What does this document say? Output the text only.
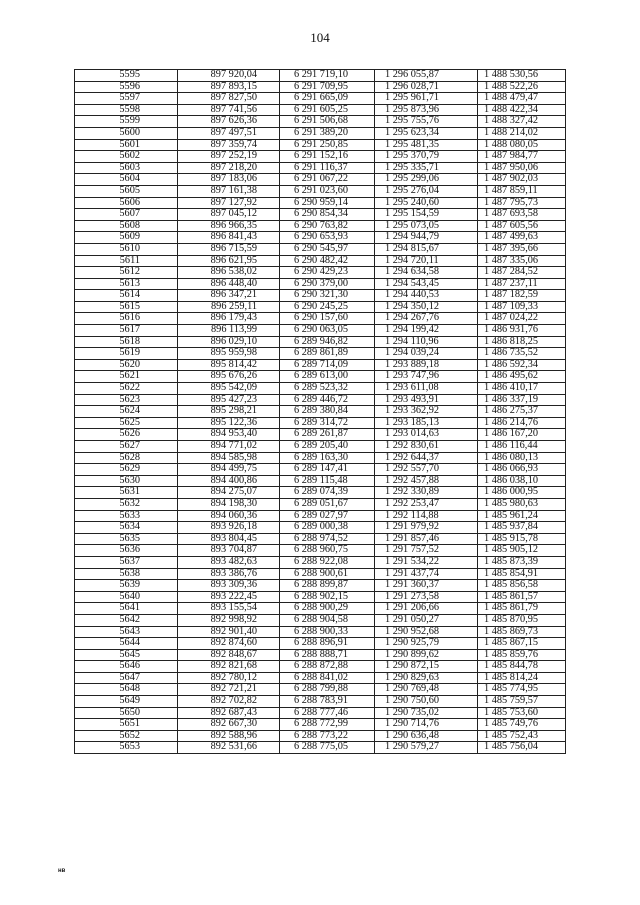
104
5595	897 920,04	6 291 719,10	1 296 055,87	1 488 530,56
5596	897 893,15	6 291 709,95	1 296 028,71	1 488 522,26
5597	897 827,50	6 291 665,09	1 295 961,71	1 488 479,47
5598	897 741,56	6 291 605,25	1 295 873,96	1 488 422,34
5599	897 626,36	6 291 506,68	1 295 755,76	1 488 327,42
5600	897 497,51	6 291 389,20	1 295 623,34	1 488 214,02
5601	897 359,74	6 291 250,85	1 295 481,35	1 488 080,05
5602	897 252,19	6 291 152,16	1 295 370,79	1 487 984,77
5603	897 218,20	6 291 116,37	1 295 335,71	1 487 950,06
5604	897 183,06	6 291 067,22	1 295 299,06	1 487 902,03
5605	897 161,38	6 291 023,60	1 295 276,04	1 487 859,11
5606	897 127,92	6 290 959,14	1 295 240,60	1 487 795,73
5607	897 045,12	6 290 854,34	1 295 154,59	1 487 693,58
5608	896 966,35	6 290 763,82	1 295 073,05	1 487 605,56
5609	896 841,43	6 290 653,93	1 294 944,79	1 487 499,63
5610	896 715,59	6 290 545,97	1 294 815,67	1 487 395,66
5611	896 621,95	6 290 482,42	1 294 720,11	1 487 335,06
5612	896 538,02	6 290 429,23	1 294 634,58	1 487 284,52
5613	896 448,40	6 290 379,00	1 294 543,45	1 487 237,11
5614	896 347,21	6 290 321,30	1 294 440,53	1 487 182,59
5615	896 259,11	6 290 245,25	1 294 350,12	1 487 109,33
5616	896 179,43	6 290 157,60	1 294 267,76	1 487 024,22
5617	896 113,99	6 290 063,05	1 294 199,42	1 486 931,76
5618	896 029,10	6 289 946,82	1 294 110,96	1 486 818,25
5619	895 959,98	6 289 861,89	1 294 039,24	1 486 735,52
5620	895 814,42	6 289 714,09	1 293 889,18	1 486 592,34
5621	895 676,26	6 289 613,00	1 293 747,96	1 486 495,62
5622	895 542,09	6 289 523,32	1 293 611,08	1 486 410,17
5623	895 427,23	6 289 446,72	1 293 493,91	1 486 337,19
5624	895 298,21	6 289 380,84	1 293 362,92	1 486 275,37
5625	895 122,36	6 289 314,72	1 293 185,13	1 486 214,76
5626	894 953,40	6 289 261,87	1 293 014,63	1 486 167,20
5627	894 771,02	6 289 205,40	1 292 830,61	1 486 116,44
5628	894 585,98	6 289 163,30	1 292 644,37	1 486 080,13
5629	894 499,75	6 289 147,41	1 292 557,70	1 486 066,93
5630	894 400,86	6 289 115,48	1 292 457,88	1 486 038,10
5631	894 275,07	6 289 074,39	1 292 330,89	1 486 000,95
5632	894 198,30	6 289 051,67	1 292 253,47	1 485 980,63
5633	894 060,36	6 289 027,97	1 292 114,88	1 485 961,24
5634	893 926,18	6 289 000,38	1 291 979,92	1 485 937,84
5635	893 804,45	6 288 974,52	1 291 857,46	1 485 915,78
5636	893 704,87	6 288 960,75	1 291 757,52	1 485 905,12
5637	893 482,63	6 288 922,08	1 291 534,22	1 485 873,39
5638	893 386,76	6 288 900,61	1 291 437,74	1 485 854,91
5639	893 309,36	6 288 899,87	1 291 360,37	1 485 856,58
5640	893 222,45	6 288 902,15	1 291 273,58	1 485 861,57
5641	893 155,54	6 288 900,29	1 291 206,66	1 485 861,79
5642	892 998,92	6 288 904,58	1 291 050,27	1 485 870,95
5643	892 901,40	6 288 900,33	1 290 952,68	1 485 869,73
5644	892 874,60	6 288 896,91	1 290 925,79	1 485 867,15
5645	892 848,67	6 288 888,71	1 290 899,62	1 485 859,76
5646	892 821,68	6 288 872,88	1 290 872,15	1 485 844,78
5647	892 780,12	6 288 841,02	1 290 829,63	1 485 814,24
5648	892 721,21	6 288 799,88	1 290 769,48	1 485 774,95
5649	892 702,82	6 288 783,91	1 290 750,60	1 485 759,57
5650	892 687,43	6 288 777,46	1 290 735,02	1 485 753,60
5651	892 667,30	6 288 772,99	1 290 714,76	1 485 749,76
5652	892 588,96	6 288 773,22	1 290 636,48	1 485 752,43
5653	892 531,66	6 288 775,05	1 290 579,27	1 485 756,04
нв
